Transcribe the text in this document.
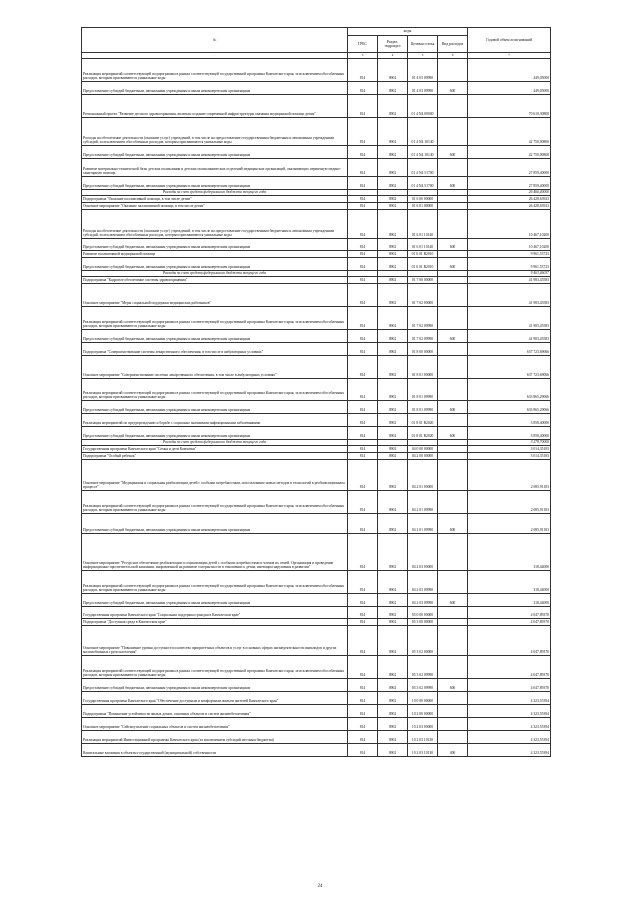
№	коды				Годовой объем ассигнований
	ГРБС	Раздел, подраздел	Целевая статья	Вид расходов	
.	3	4	5	6	7
Реализация мероприятий соответствующей подпрограммы в рамках соответствующей государственной программы Камчатского края, за исключением обособленных расходов, которым присваиваются уникальные коды	814	0902	01 4 03 09990		449,05000
Предоставление субсидий бюджетным, автономным учреждениям и иным некоммерческим организациям	814	0902	01 4 03 09990	600	449,05000
Региональный проект "Развитие детского здравоохранения, включая создание современной инфраструктуры оказания медицинской помощи детям"	814	0902	01 4 N4 00000		70 610,30800
Расходы на обеспечение деятельности (оказание услуг) учреждений, в том числе на предоставление государственным бюджетным и автономным учреждениям субсидий, за исключением обособленных расходов, которым присваиваются уникальные коды	814	0902	01 4 N4 10140		42 750,90800
Предоставление субсидий бюджетным, автономным учреждениям и иным некоммерческим организациям	814	0902	01 4 N4 10140	600	42 750,90800
Развитие материально-технической базы детских поликлиник и детских поликлинических отделений медицинских организаций, оказывающих первичную медико-санитарную помощь	814	0902	01 4 N4 51700		27 859,40000
Предоставление субсидий бюджетным, автономным учреждениям и иным некоммерческим организациям	814	0902	01 4 N4 51700	600	27 859,40000
Расходы за счет средств федерального бюджета текущего года					26 466,40000
Подпрограмма "Оказание паллиативной помощи, в том числе детям"	814	0902	01 6 00 00000		26 428,63923
Основное мероприятие "Оказание паллиативной помощи, в том числе детям"	814	0902	01 6 01 00000		26 428,63923
Расходы на обеспечение деятельности (оказание услуг) учреждений, в том числе на предоставление государственным бюджетным и автономным учреждениям субсидий, за исключением обособленных расходов, которым присваиваются уникальные коды	814	0902	01 6 01 10140		10 467,10200
Предоставление субсидий бюджетным, автономным учреждениям и иным некоммерческим организациям	814	0902	01 6 01 10140	600	10 467,10200
Развитие паллиативной медицинской помощи	814	0902	01 6 01 R2010		9 961,53723
Предоставление субсидий бюджетным, автономным учреждениям и иным некоммерческим организациям	814	0902	01 6 01 R2010	600	9 961,53723
Расходы за счет средств федерального бюджета текущего года					9 463,46037
Подпрограмма "Кадровое обеспечение системы здравоохранения"	814	0902	01 7 00 00000		41 983,45583
Основное мероприятие "Меры социальной поддержки медицинских работников"	814	0902	01 7 02 00000		41 983,45583
Реализация мероприятий соответствующей подпрограммы в рамках соответствующей государственной программы Камчатского края, за исключением обособленных расходов, которым присваиваются уникальные коды	814	0902	01 7 02 09990		41 983,45583
Предоставление субсидий бюджетным, автономным учреждениям и иным некоммерческим организациям	814	0902	01 7 02 09990	600	41 983,45583
Подпрограмма "Совершенствование системы лекарственного обеспечения, в том числе в амбулаторных условиях"	814	0902	01 8 00 00000		637 723,69066
Основное мероприятие "Совершенствование системы лекарственного обеспечения, в том числе в амбулаторных условиях"	814	0902	01 8 01 00000		637 723,69066
Реализация мероприятий соответствующей подпрограммы в рамках соответствующей государственной программы Камчатского края, за исключением обособленных расходов, которым присваиваются уникальные коды	814	0902	01 8 01 09990		633 865,29066
Предоставление субсидий бюджетным, автономным учреждениям и иным некоммерческим организациям	814	0902	01 8 01 09990	600	633 865,29066
Реализация мероприятий по предупреждению и борьбе с социально значимыми инфекционными заболеваниями	814	0902	01 8 01 R2020		3 858,40000
Предоставление субсидий бюджетным, автономным учреждениям и иным некоммерческим организациям	814	0902	01 8 01 R2020	600	3 858,40000
Расходы за счет средств федерального бюджета текущего года					3 279,70000
Государственная программа Камчатского края "Семья и дети Камчатки"	814	0902	04 0 00 00000		3 014,35183
Подпрограмма "Особый ребенок"	814	0902	04 2 00 00000		3 014,35183
Основное мероприятие "Медицинская и социальная реабилитация детей с особыми потребностями, использование новых методов и технологий в реабилитационном процессе"	814	0902	04 2 01 00000		2 695,91183
Реализация мероприятий соответствующей подпрограммы в рамках соответствующей государственной программы Камчатского края, за исключением обособленных расходов, которым присваиваются уникальные коды	814	0902	04 2 01 09990		2 695,91183
Предоставление субсидий бюджетным, автономным учреждениям и иным некоммерческим организациям	814	0902	04 2 01 09990	600	2 695,91183
Основное мероприятие "Ресурсное обеспечение реабилитации и социализации детей с особыми потребностями и членов их семей. Организация и проведение информационно-просветительской кампании, направленной на развитие толерантности в отношении к детям, имеющим нарушения в развитии"	814	0902	04 2 03 00000		318,44000
Реализация мероприятий соответствующей подпрограммы в рамках соответствующей государственной программы Камчатского края, за исключением обособленных расходов, которым присваиваются уникальные коды	814	0902	04 2 03 09990		318,44000
Предоставление субсидий бюджетным, автономным учреждениям и иным некоммерческим организациям	814	0902	04 2 03 09990	600	318,44000
Государственная программа Камчатского края "Социальная поддержка граждан в Камчатском крае"	814	0902	05 0 00 00000		4 047,89370
Подпрограмма "Доступная среда в Камчатском крае"	814	0902	05 3 00 00000		4 047,89370
Основное мероприятие "Повышение уровня доступности и качества приоритетных объектов и услуг в основных сферах жизнедеятельности инвалидов и других маломобильных групп населения"	814	0902	05 3 02 00000		4 047,89370
Реализация мероприятий соответствующей подпрограммы в рамках соответствующей государственной программы Камчатского края, за исключением обособленных расходов, которым присваиваются уникальные коды	814	0902	05 3 02 09990		4 047,89370
Предоставление субсидий бюджетным, автономным учреждениям и иным некоммерческим организациям	814	0902	05 3 02 09990	600	4 047,89370
Государственная программа Камчатского края "Обеспечение доступным и комфортным жильем жителей Камчатского края"	814	0902	10 0 00 00000		4 323,55394
Подпрограмма "Повышение устойчивости жилых домов, основных объектов и систем жизнеобеспечения"	814	0902	10 2 00 00000		4 323,55394
Основное мероприятие "Сейсмоусиление социальных объектов и систем жизнеобеспечения"	814	0902	10 2 03 00000		4 323,55394
Реализация мероприятий Инвестиционной программы Камчатского края (за исключением субсидий местным бюджетам)	814	0902	10 2 03 10130		4 323,55394
Капитальные вложения в объекты государственной (муниципальной) собственности	814	0902	10 2 03 10130	400	4 323,55394
24
